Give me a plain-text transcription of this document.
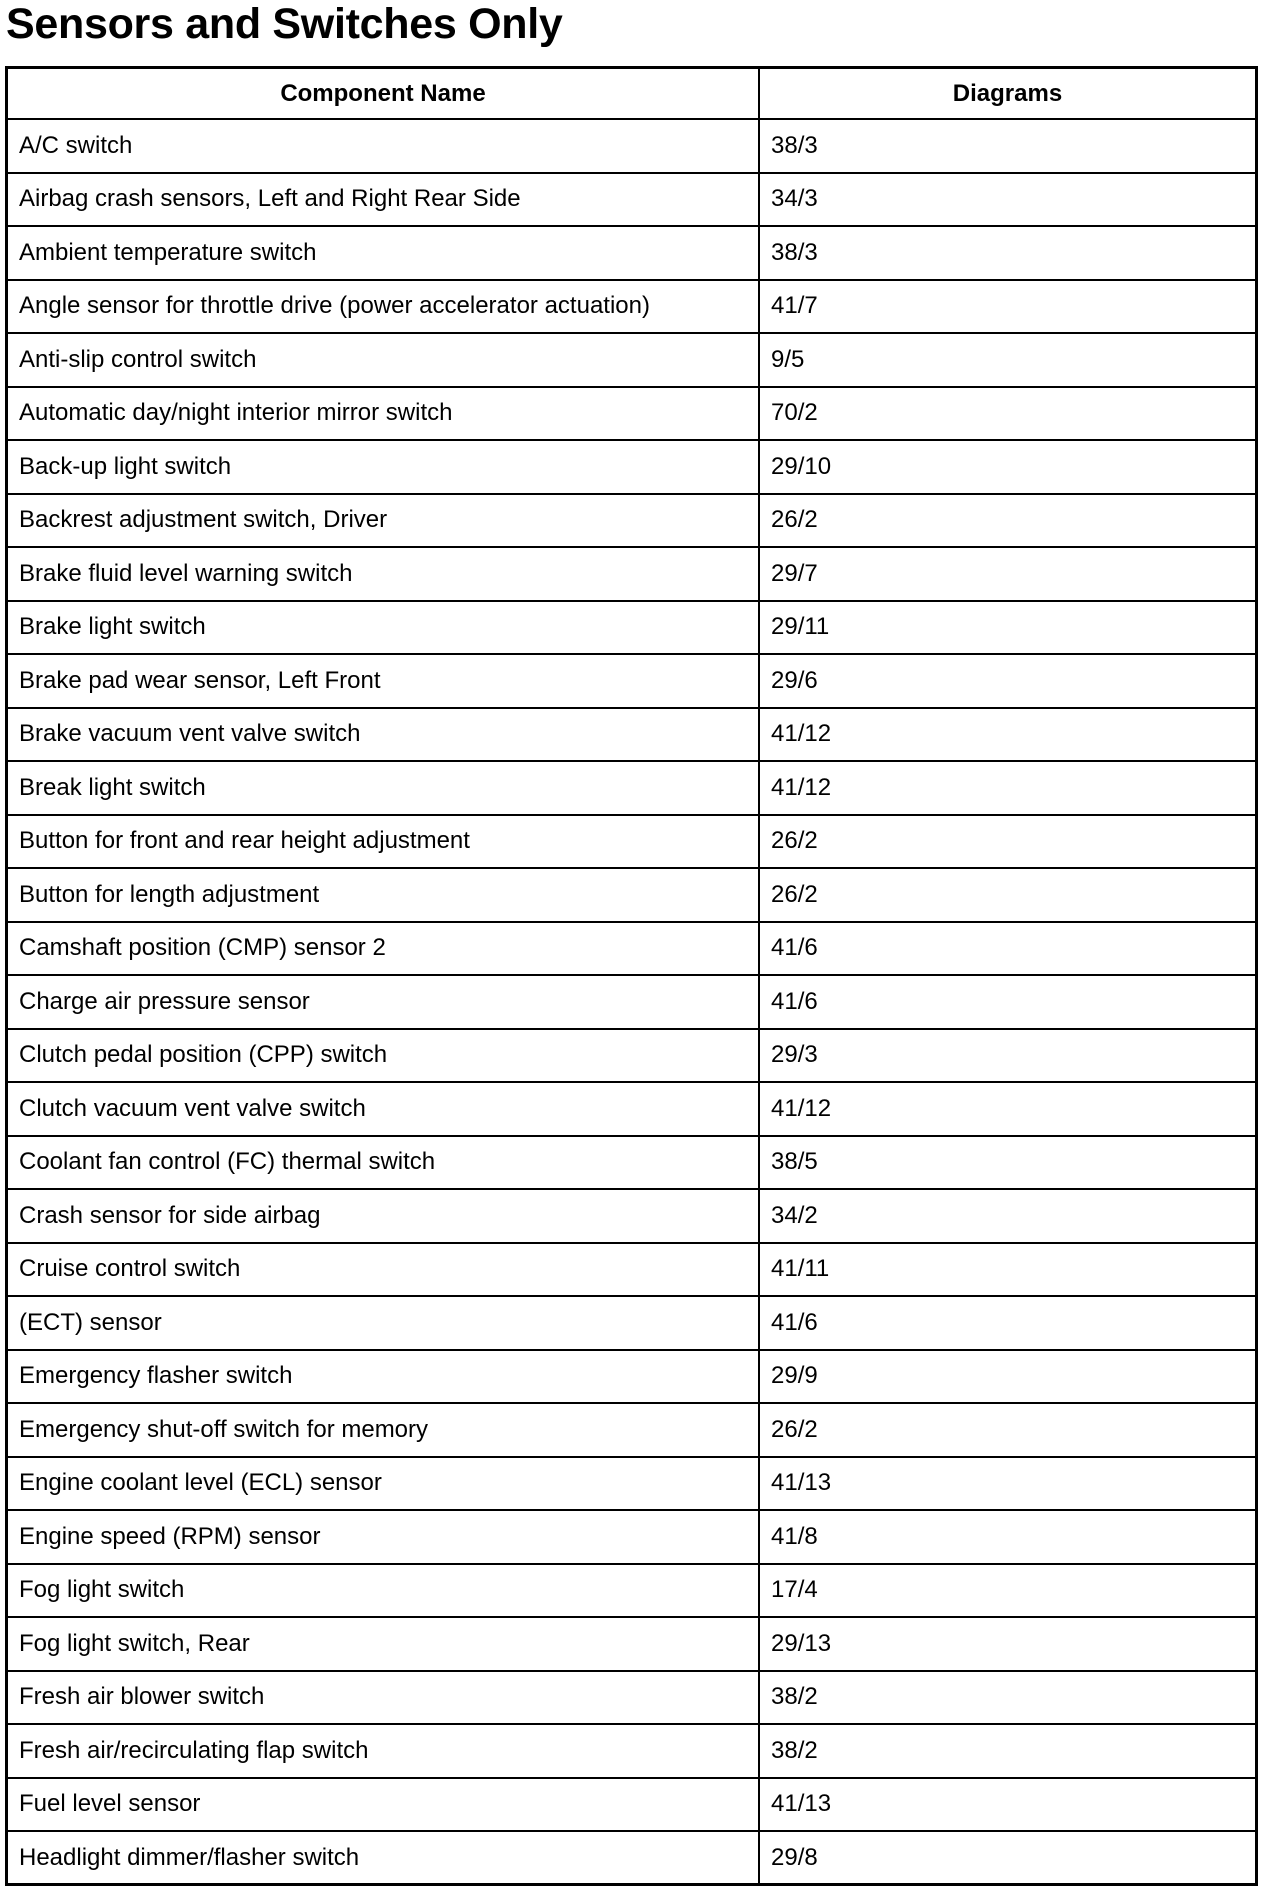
Sensors and Switches Only
Component Name	Diagrams
A/C switch	38/3
Airbag crash sensors, Left and Right Rear Side	34/3
Ambient temperature switch	38/3
Angle sensor for throttle drive (power accelerator actuation)	41/7
Anti-slip control switch	9/5
Automatic day/night interior mirror switch	70/2
Back-up light switch	29/10
Backrest adjustment switch, Driver	26/2
Brake fluid level warning switch	29/7
Brake light switch	29/11
Brake pad wear sensor, Left Front	29/6
Brake vacuum vent valve switch	41/12
Break light switch	41/12
Button for front and rear height adjustment	26/2
Button for length adjustment	26/2
Camshaft position (CMP) sensor 2	41/6
Charge air pressure sensor	41/6
Clutch pedal position (CPP) switch	29/3
Clutch vacuum vent valve switch	41/12
Coolant fan control (FC) thermal switch	38/5
Crash sensor for side airbag	34/2
Cruise control switch	41/11
(ECT) sensor	41/6
Emergency flasher switch	29/9
Emergency shut-off switch for memory	26/2
Engine coolant level (ECL) sensor	41/13
Engine speed (RPM) sensor	41/8
Fog light switch	17/4
Fog light switch, Rear	29/13
Fresh air blower switch	38/2
Fresh air/recirculating flap switch	38/2
Fuel level sensor	41/13
Headlight dimmer/flasher switch	29/8
